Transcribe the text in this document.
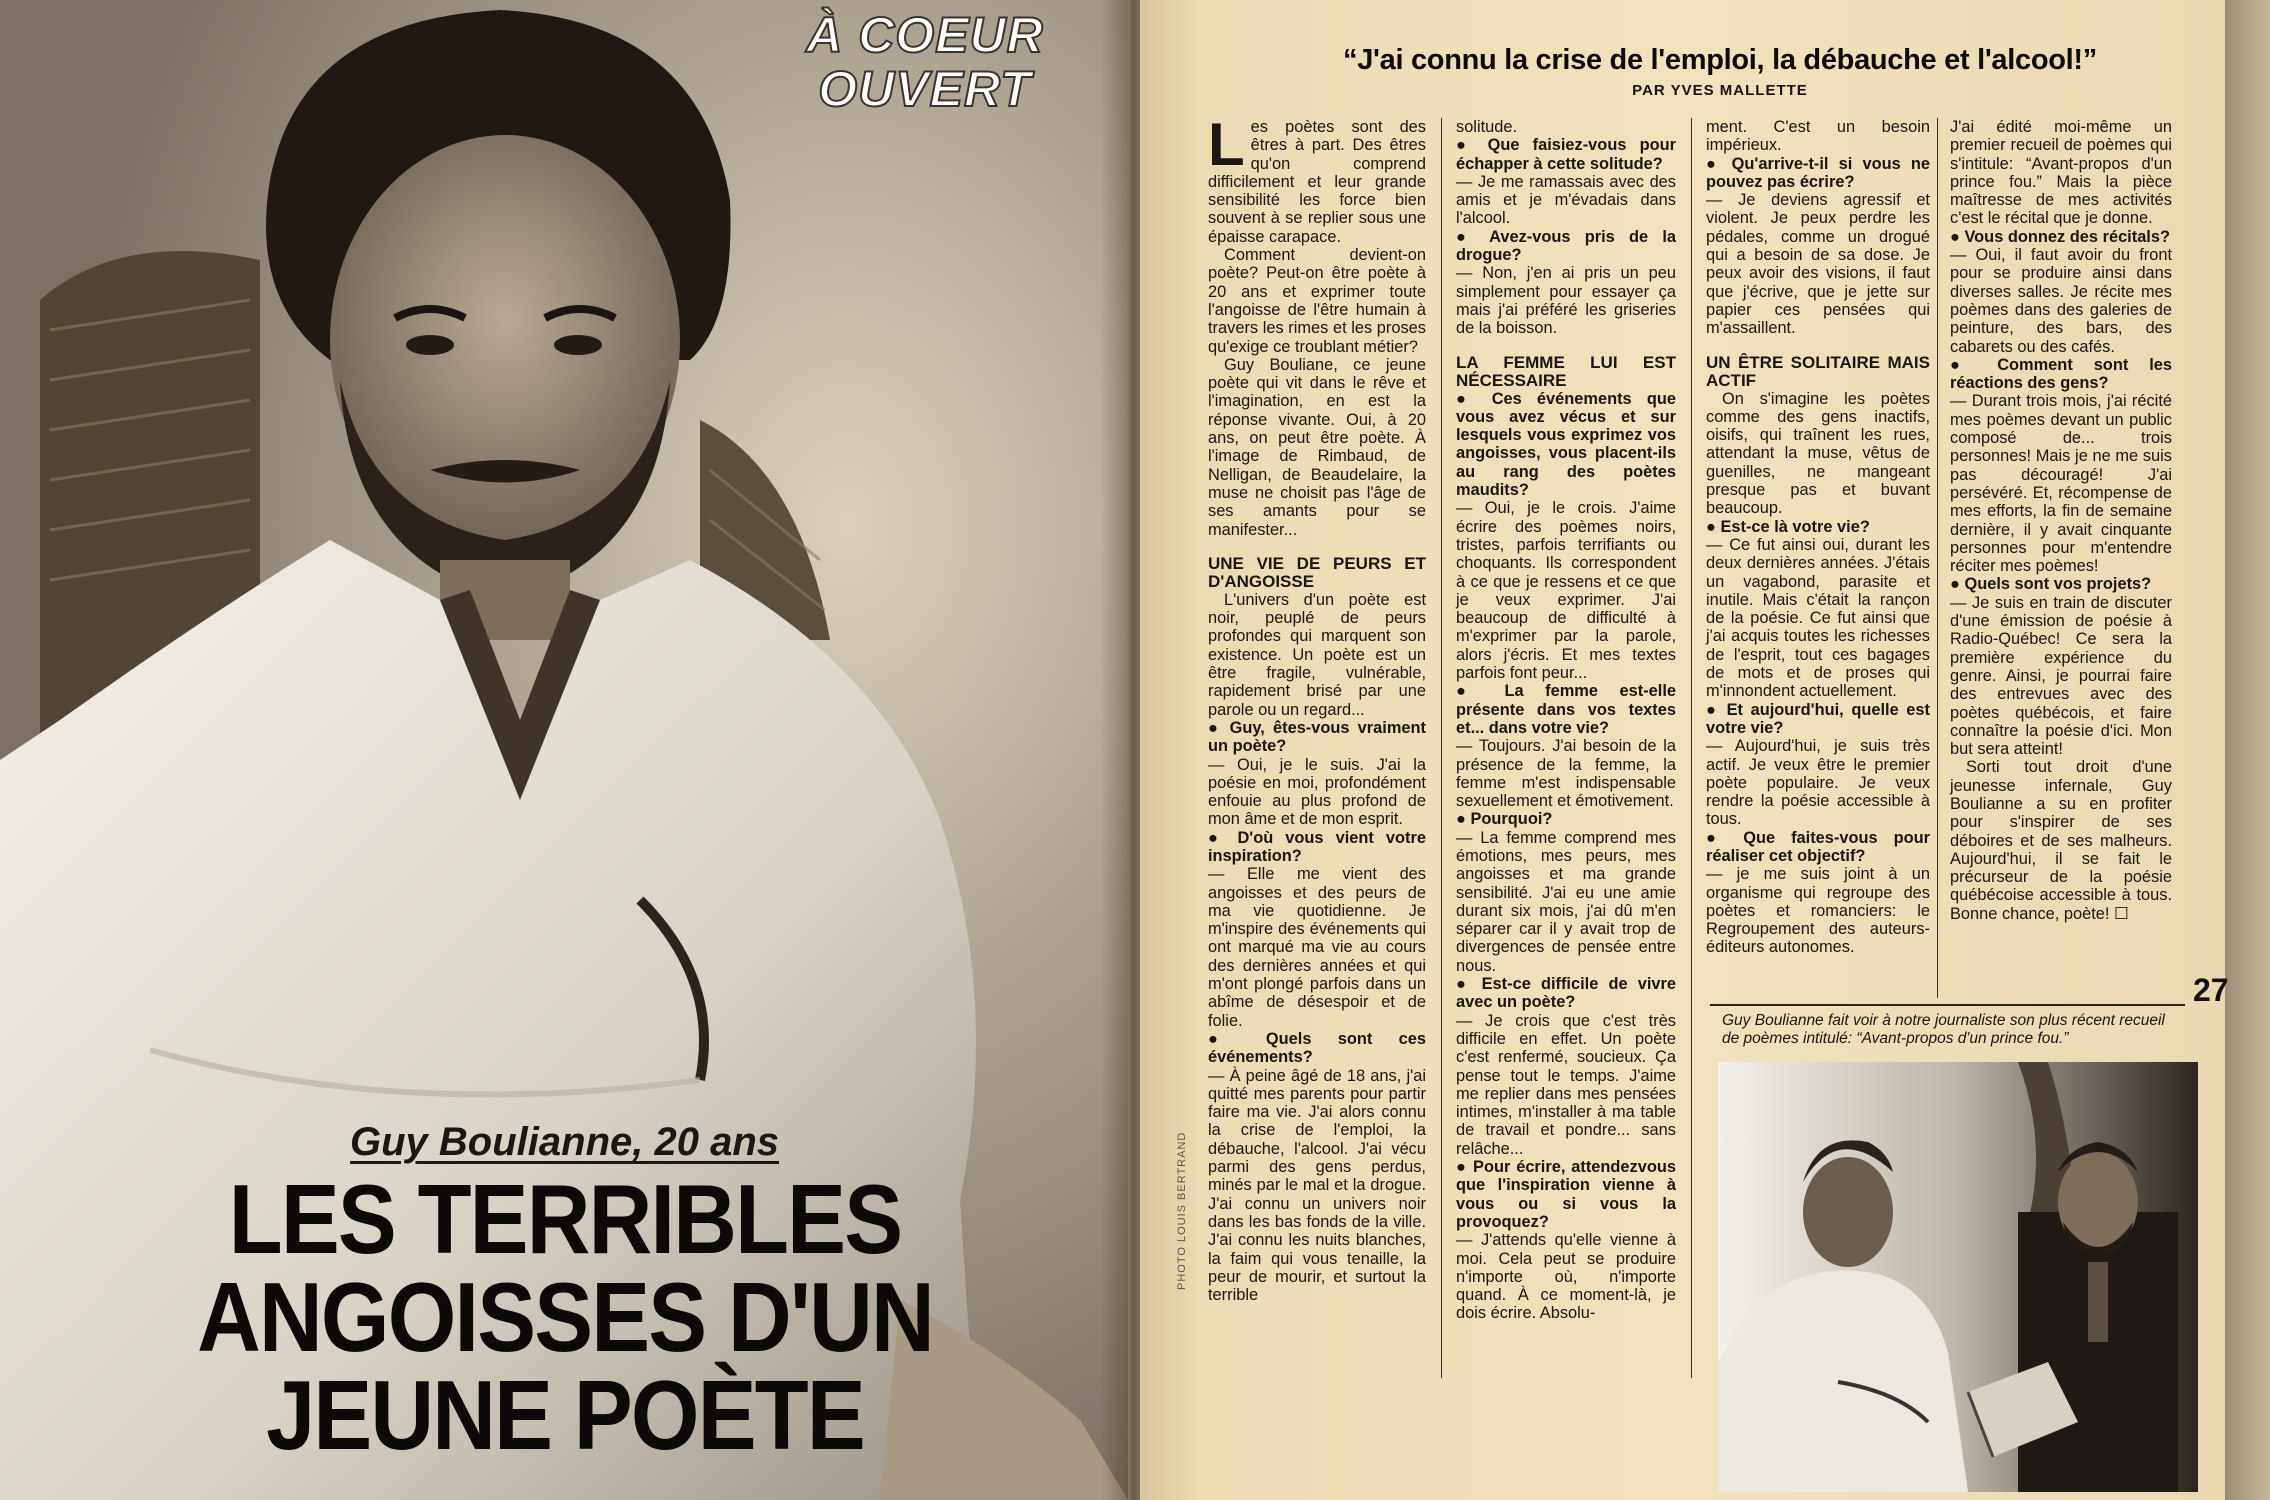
À COEUR
OUVERT
Guy Boulianne, 20 ans
LES TERRIBLES
ANGOISSES D'UN
JEUNE POÈTE
PHOTO LOUIS BERTRAND
“J'ai connu la crise de l'emploi, la débauche et l'alcool!”
PAR YVES MALLETTE

Les poètes sont des êtres à part. Des êtres qu'on comprend difficilement et leur grande sensibilité les force bien souvent à se replier sous une épaisse carapace.

Comment devient-on poète? Peut-on être poète à 20 ans et exprimer toute l'angoisse de l'être humain à travers les rimes et les proses qu'exige ce troublant métier?

Guy Bouliane, ce jeune poète qui vit dans le rêve et l'imagination, en est la réponse vivante. Oui, à 20 ans, on peut être poète. À l'image de Rimbaud, de Nelligan, de Beaudelaire, la muse ne choisit pas l'âge de ses amants pour se manifester...

UNE VIE DE PEURS ET D'ANGOISSE

L'univers d'un poète est noir, peuplé de peurs profondes qui marquent son existence. Un poète est un être fragile, vulnérable, rapidement brisé par une parole ou un regard...

● Guy, êtes-vous vraiment un poète?

— Oui, je le suis. J'ai la poésie en moi, profondément enfouie au plus profond de mon âme et de mon esprit.

● D'où vous vient votre inspiration?

— Elle me vient des angoisses et des peurs de ma vie quotidienne. Je m'inspire des événements qui ont marqué ma vie au cours des dernières années et qui m'ont plongé parfois dans un abîme de désespoir et de folie.

● Quels sont ces événements?

— À peine âgé de 18 ans, j'ai quitté mes parents pour partir faire ma vie. J'ai alors connu la crise de l'emploi, la débauche, l'alcool. J'ai vécu parmi des gens perdus, minés par le mal et la drogue. J'ai connu un univers noir dans les bas fonds de la ville. J'ai connu les nuits blanches, la faim qui vous tenaille, la peur de mourir, et surtout la terrible

solitude.

● Que faisiez-vous pour échapper à cette solitude?

— Je me ramassais avec des amis et je m'évadais dans l'alcool.

● Avez-vous pris de la drogue?

— Non, j'en ai pris un peu simplement pour essayer ça mais j'ai préféré les griseries de la boisson.

LA FEMME LUI EST NÉCESSAIRE

● Ces événements que vous avez vécus et sur lesquels vous exprimez vos angoisses, vous placent-ils au rang des poètes maudits?

— Oui, je le crois. J'aime écrire des poèmes noirs, tristes, parfois terrifiants ou choquants. Ils correspondent à ce que je ressens et ce que je veux exprimer. J'ai beaucoup de difficulté à m'exprimer par la parole, alors j'écris. Et mes textes parfois font peur...

● La femme est-elle présente dans vos textes et... dans votre vie?

— Toujours. J'ai besoin de la présence de la femme, la femme m'est indispensable sexuellement et émotivement.

● Pourquoi?

— La femme comprend mes émotions, mes peurs, mes angoisses et ma grande sensibilité. J'ai eu une amie durant six mois, j'ai dû m'en séparer car il y avait trop de divergences de pensée entre nous.

● Est-ce difficile de vivre avec un poète?

— Je crois que c'est très difficile en effet. Un poète c'est renfermé, soucieux. Ça pense tout le temps. J'aime me replier dans mes pensées intimes, m'installer à ma table de travail et pondre... sans relâche...

● Pour écrire, attendezvous que l'inspiration vienne à vous ou si vous la provoquez?

— J'attends qu'elle vienne à moi. Cela peut se produire n'importe où, n'importe quand. À ce moment-là, je dois écrire. Absolu-

ment. C'est un besoin impérieux.

● Qu'arrive-t-il si vous ne pouvez pas écrire?

— Je deviens agressif et violent. Je peux perdre les pédales, comme un drogué qui a besoin de sa dose. Je peux avoir des visions, il faut que j'écrive, que je jette sur papier ces pensées qui m'assaillent.

UN ÊTRE SOLITAIRE MAIS ACTIF

On s'imagine les poètes comme des gens inactifs, oisifs, qui traînent les rues, attendant la muse, vêtus de guenilles, ne mangeant presque pas et buvant beaucoup.

● Est-ce là votre vie?

— Ce fut ainsi oui, durant les deux dernières années. J'étais un vagabond, parasite et inutile. Mais c'était la rançon de la poésie. Ce fut ainsi que j'ai acquis toutes les richesses de l'esprit, tout ces bagages de mots et de proses qui m'innondent actuellement.

● Et aujourd'hui, quelle est votre vie?

— Aujourd'hui, je suis très actif. Je veux être le premier poète populaire. Je veux rendre la poésie accessible à tous.

● Que faites-vous pour réaliser cet objectif?

— je me suis joint à un organisme qui regroupe des poètes et romanciers: le Regroupement des auteurs-éditeurs autonomes.

J'ai édité moi-même un premier recueil de poèmes qui s'intitule: “Avant-propos d'un prince fou.” Mais la pièce maîtresse de mes activités c'est le récital que je donne.

● Vous donnez des récitals?

— Oui, il faut avoir du front pour se produire ainsi dans diverses salles. Je récite mes poèmes dans des galeries de peinture, des bars, des cabarets ou des cafés.

● Comment sont les réactions des gens?

— Durant trois mois, j'ai récité mes poèmes devant un public composé de... trois personnes! Mais je ne me suis pas découragé! J'ai persévéré. Et, récompense de mes efforts, la fin de semaine dernière, il y avait cinquante personnes pour m'entendre réciter mes poèmes!

● Quels sont vos projets?

— Je suis en train de discuter d'une émission de poésie à Radio-Québec! Ce sera la première expérience du genre. Ainsi, je pourrai faire des entrevues avec des poètes québécois, et faire connaître la poésie d'ici. Mon but sera atteint!

Sorti tout droit d'une jeunesse infernale, Guy Boulianne a su en profiter pour s'inspirer de ses déboires et de ses malheurs. Aujourd'hui, il se fait le précurseur de la poésie québécoise accessible à tous. Bonne chance, poète! ☐

27
Guy Boulianne fait voir à notre journaliste son plus récent recueil de poèmes intitulé: “Avant-propos d'un prince fou.”
